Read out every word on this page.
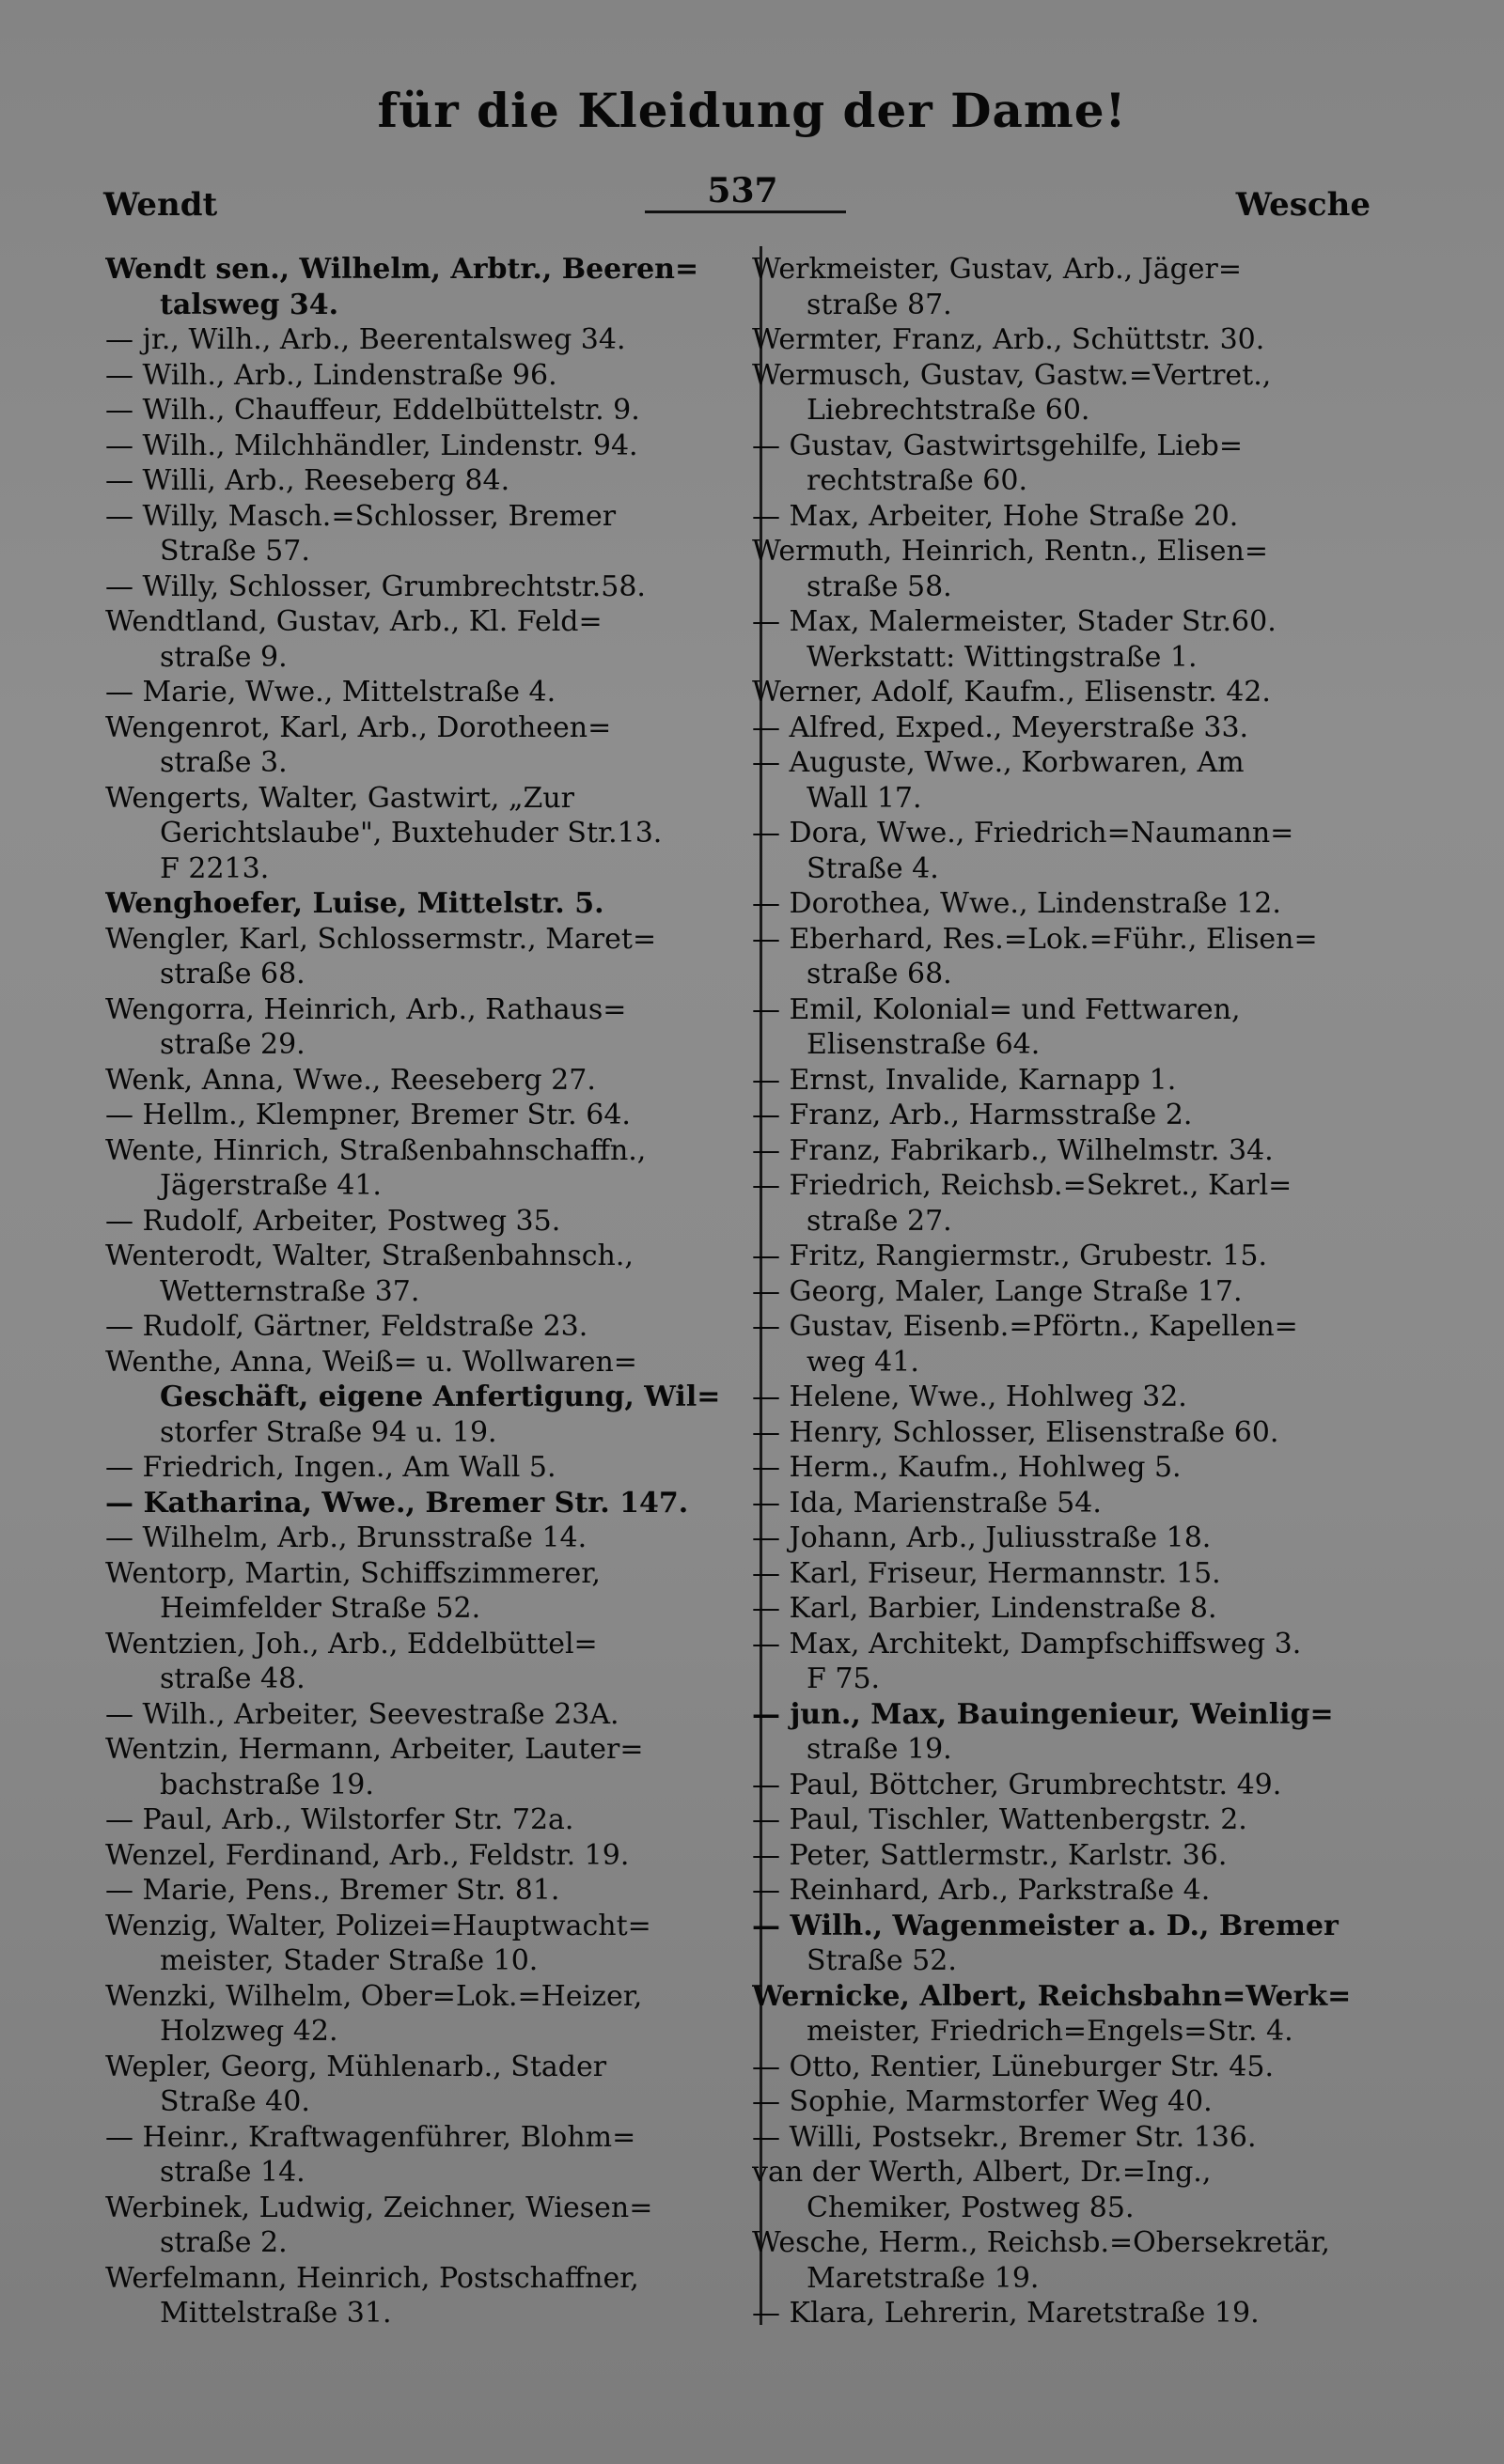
für die Kleidung der Dame!
Wendt	537	Wesche
Wendt sen., Wilhelm, Arbtr., Beeren=
talsweg 34.
— jr., Wilh., Arb., Beerentalsweg 34.
— Wilh., Arb., Lindenstraße 96.
— Wilh., Chauffeur, Eddelbüttelstr. 9.
— Wilh., Milchhändler, Lindenstr. 94.
— Willi, Arb., Reeseberg 84.
— Willy, Masch.=Schlosser, Bremer
Straße 57.
— Willy, Schlosser, Grumbrechtstr.58.
Wendtland, Gustav, Arb., Kl. Feld=
straße 9.
— Marie, Wwe., Mittelstraße 4.
Wengenrot, Karl, Arb., Dorotheen=
straße 3.
Wengerts, Walter, Gastwirt, „Zur
Gerichtslaube", Buxtehuder Str.13.
F 2213.
Wenghoefer, Luise, Mittelstr. 5.
Wengler, Karl, Schlossermstr., Maret=
straße 68.
Wengorra, Heinrich, Arb., Rathaus=
straße 29.
Wenk, Anna, Wwe., Reeseberg 27.
— Hellm., Klempner, Bremer Str. 64.
Wente, Hinrich, Straßenbahnschaffn.,
Jägerstraße 41.
— Rudolf, Arbeiter, Postweg 35.
Wenterodt, Walter, Straßenbahnsch.,
Wetternstraße 37.
— Rudolf, Gärtner, Feldstraße 23.
Wenthe, Anna, Weiß= u. Wollwaren=
Geschäft, eigene Anfertigung, Wil=
storfer Straße 94 u. 19.
— Friedrich, Ingen., Am Wall 5.
— Katharina, Wwe., Bremer Str. 147.
— Wilhelm, Arb., Brunsstraße 14.
Wentorp, Martin, Schiffszimmerer,
Heimfelder Straße 52.
Wentzien, Joh., Arb., Eddelbüttel=
straße 48.
— Wilh., Arbeiter, Seevestraße 23A.
Wentzin, Hermann, Arbeiter, Lauter=
bachstraße 19.
— Paul, Arb., Wilstorfer Str. 72a.
Wenzel, Ferdinand, Arb., Feldstr. 19.
— Marie, Pens., Bremer Str. 81.
Wenzig, Walter, Polizei=Hauptwacht=
meister, Stader Straße 10.
Wenzki, Wilhelm, Ober=Lok.=Heizer,
Holzweg 42.
Wepler, Georg, Mühlenarb., Stader
Straße 40.
— Heinr., Kraftwagenführer, Blohm=
straße 14.
Werbinek, Ludwig, Zeichner, Wiesen=
straße 2.
Werfelmann, Heinrich, Postschaffner,
Mittelstraße 31.
Werkmeister, Gustav, Arb., Jäger=
straße 87.
Wermter, Franz, Arb., Schüttstr. 30.
Wermusch, Gustav, Gastw.=Vertret.,
Liebrechtstraße 60.
— Gustav, Gastwirtsgehilfe, Lieb=
rechtstraße 60.
— Max, Arbeiter, Hohe Straße 20.
Wermuth, Heinrich, Rentn., Elisen=
straße 58.
— Max, Malermeister, Stader Str.60.
Werkstatt: Wittingstraße 1.
Werner, Adolf, Kaufm., Elisenstr. 42.
— Alfred, Exped., Meyerstraße 33.
— Auguste, Wwe., Korbwaren, Am
Wall 17.
— Dora, Wwe., Friedrich=Naumann=
Straße 4.
— Dorothea, Wwe., Lindenstraße 12.
— Eberhard, Res.=Lok.=Führ., Elisen=
straße 68.
— Emil, Kolonial= und Fettwaren,
Elisenstraße 64.
— Ernst, Invalide, Karnapp 1.
— Franz, Arb., Harmsstraße 2.
— Franz, Fabrikarb., Wilhelmstr. 34.
— Friedrich, Reichsb.=Sekret., Karl=
straße 27.
— Fritz, Rangiermstr., Grubestr. 15.
— Georg, Maler, Lange Straße 17.
— Gustav, Eisenb.=Pförtn., Kapellen=
weg 41.
— Helene, Wwe., Hohlweg 32.
— Henry, Schlosser, Elisenstraße 60.
— Herm., Kaufm., Hohlweg 5.
— Ida, Marienstraße 54.
— Johann, Arb., Juliusstraße 18.
— Karl, Friseur, Hermannstr. 15.
— Karl, Barbier, Lindenstraße 8.
— Max, Architekt, Dampfschiffsweg 3.
F 75.
— jun., Max, Bauingenieur, Weinlig=
straße 19.
— Paul, Böttcher, Grumbrechtstr. 49.
— Paul, Tischler, Wattenbergstr. 2.
— Peter, Sattlermstr., Karlstr. 36.
— Reinhard, Arb., Parkstraße 4.
— Wilh., Wagenmeister a. D., Bremer
Straße 52.
Wernicke, Albert, Reichsbahn=Werk=
meister, Friedrich=Engels=Str. 4.
— Otto, Rentier, Lüneburger Str. 45.
— Sophie, Marmstorfer Weg 40.
— Willi, Postsekr., Bremer Str. 136.
van der Werth, Albert, Dr.=Ing.,
Chemiker, Postweg 85.
Wesche, Herm., Reichsb.=Obersekretär,
Maretstraße 19.
— Klara, Lehrerin, Maretstraße 19.
